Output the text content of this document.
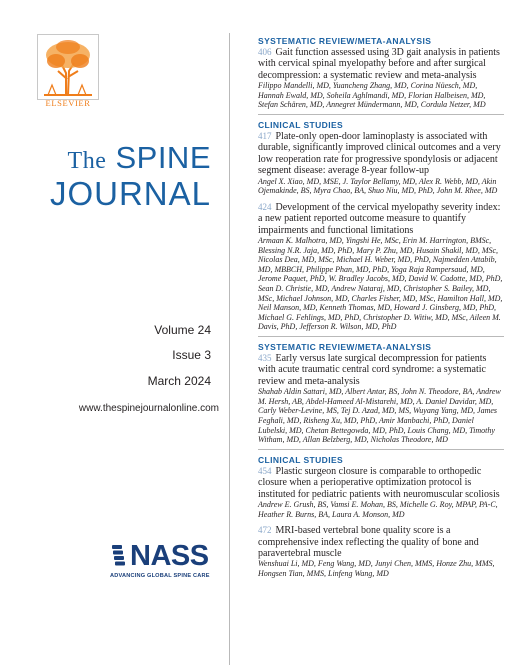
ELSEVIER
The SPINE
JOURNAL
Volume 24
Issue 3
March 2024
www.thespinejournalonline.com
NASS
ADVANCING GLOBAL SPINE CARE
SYSTEMATIC REVIEW/META-ANALYSIS
406 Gait function assessed using 3D gait analysis in patients with cervical spinal myelopathy before and after surgical decompression: a systematic review and meta-analysis
Filippo Mandelli, MD, Yuancheng Zhang, MD, Corina Nüesch, MD, Hannah Ewald, MD, Soheila Aghlmandi, MD, Florian Halbeisen, MD, Stefan Schären, MD, Annegret Mündermann, MD, Cordula Netzer, MD
CLINICAL STUDIES
417 Plate-only open-door laminoplasty is associated with durable, significantly improved clinical outcomes and a very low reoperation rate for progressive spondylosis or adjacent segment disease: average 8-year follow-up
Angel X. Xiao, MD, MSE, J. Taylor Bellamy, MD, Alex R. Webb, MD, Akin Ojemakinde, BS, Myra Chao, BA, Shuo Niu, MD, PhD, John M. Rhee, MD
424 Development of the cervical myelopathy severity index: a new patient reported outcome measure to quantify impairments and functional limitations
Armaan K. Malhotra, MD, Yingshi He, MSc, Erin M. Harrington, BMSc, Blessing N.R. Jaja, MD, PhD, Mary P. Zhu, MD, Husain Shakil, MD, MSc, Nicolas Dea, MD, MSc, Michael H. Weber, MD, PhD, Najmedden Attabib, MD, MBBCH, Philippe Phan, MD, PhD, Yoga Raja Rampersaud, MD, Jerome Paquet, PhD, W. Bradley Jacobs, MD, David W. Cadotte, MD, PhD, Sean D. Christie, MD, Andrew Nataraj, MD, Christopher S. Bailey, MD, MSc, Michael Johnson, MD, Charles Fisher, MD, MSc, Hamilton Hall, MD, Neil Manson, MD, Kenneth Thomas, MD, Howard J. Ginsberg, MD, PhD, Michael G. Fehlings, MD, PhD, Christopher D. Witiw, MD, MSc, Aileen M. Davis, PhD, Jefferson R. Wilson, MD, PhD
SYSTEMATIC REVIEW/META-ANALYSIS
435 Early versus late surgical decompression for patients with acute traumatic central cord syndrome: a systematic review and meta-analysis
Shahab Aldin Sattari, MD, Albert Antar, BS, John N. Theodore, BA, Andrew M. Hersh, AB, Abdel-Hameed Al-Mistarehi, MD, A. Daniel Davidar, MD, Carly Weber-Levine, MS, Tej D. Azad, MD, MS, Wuyang Yang, MD, James Feghali, MD, Risheng Xu, MD, PhD, Amir Manbachi, PhD, Daniel Lubelski, MD, Chetan Bettegowda, MD, PhD, Louis Chang, MD, Timothy Witham, MD, Allan Belzberg, MD, Nicholas Theodore, MD
CLINICAL STUDIES
454 Plastic surgeon closure is comparable to orthopedic closure when a perioperative optimization protocol is instituted for pediatric patients with neuromuscular scoliosis
Andrew E. Grush, BS, Vamsi E. Mohan, BS, Michelle G. Roy, MPAP, PA-C, Heather R. Burns, BA, Laura A. Monson, MD
472 MRI-based vertebral bone quality score is a comprehensive index reflecting the quality of bone and paravertebral muscle
Wenshuai Li, MD, Feng Wang, MD, Junyi Chen, MMS, Honze Zhu, MMS, Hongsen Tian, MMS, Linfeng Wang, MD
